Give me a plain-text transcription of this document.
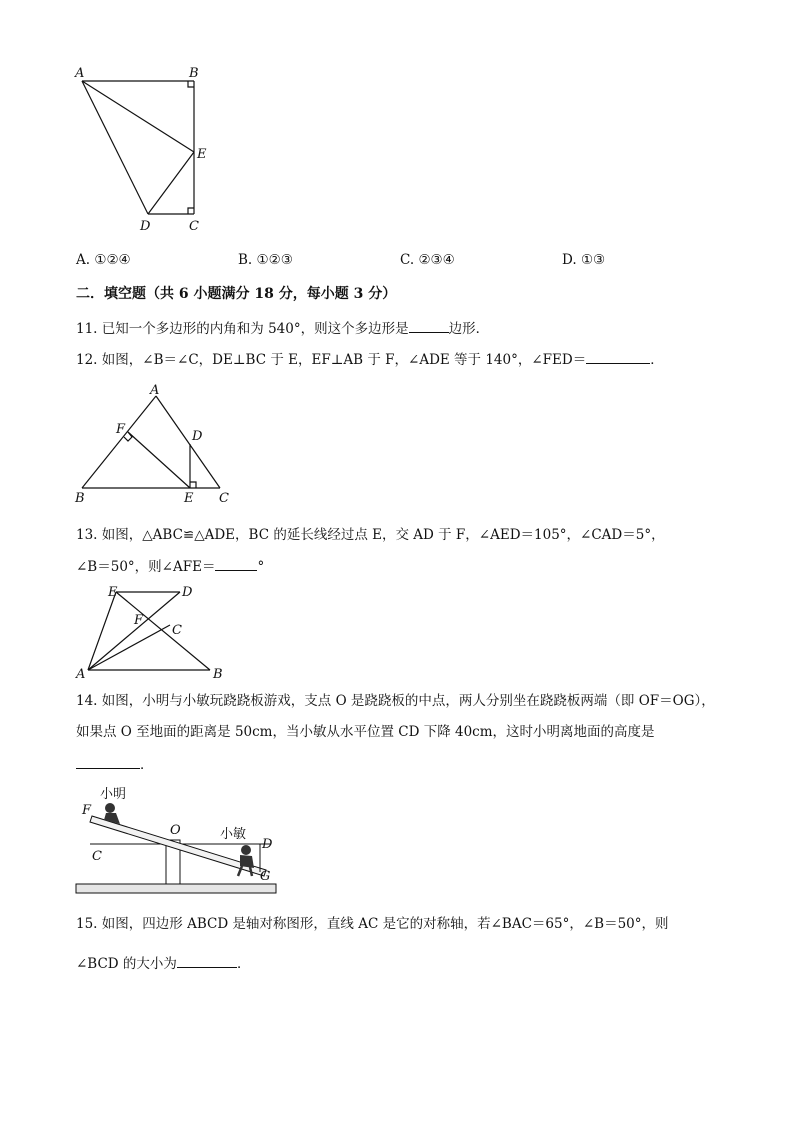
A	B
E
D	C
A. ①②④	B. ①②③	C. ②③④	D. ①③
二．填空题（共 6 小题满分 18 分，每小题 3 分）
11. 已知一个多边形的内角和为 540°，则这个多边形是	边形．
12. 如图，∠B＝∠C，DE⊥BC 于 E，EF⊥AB 于 F，∠ADE 等于 140°，∠FED＝	．
A
F	D
B	E C
13. 如图，△ABC≌△ADE，BC 的延长线经过点 E，交 AD 于 F，∠AED＝105°，∠CAD＝5°，
∠B＝50°，则∠AFE＝	°
E	D
F
C
A	B
14. 如图，小明与小敏玩跷跷板游戏，支点 O 是跷跷板的中点，两人分别坐在跷跷板两端（即 OF＝OG），
如果点 O 至地面的距离是 50cm，当小敏从水平位置 CD 下降 40cm，这时小明离地面的高度是
．
F
C
O
D
G
小明
小敏
15. 如图，四边形 ABCD 是轴对称图形，直线 AC 是它的对称轴，若∠BAC＝65°，∠B＝50°，则
∠BCD 的大小为	．
